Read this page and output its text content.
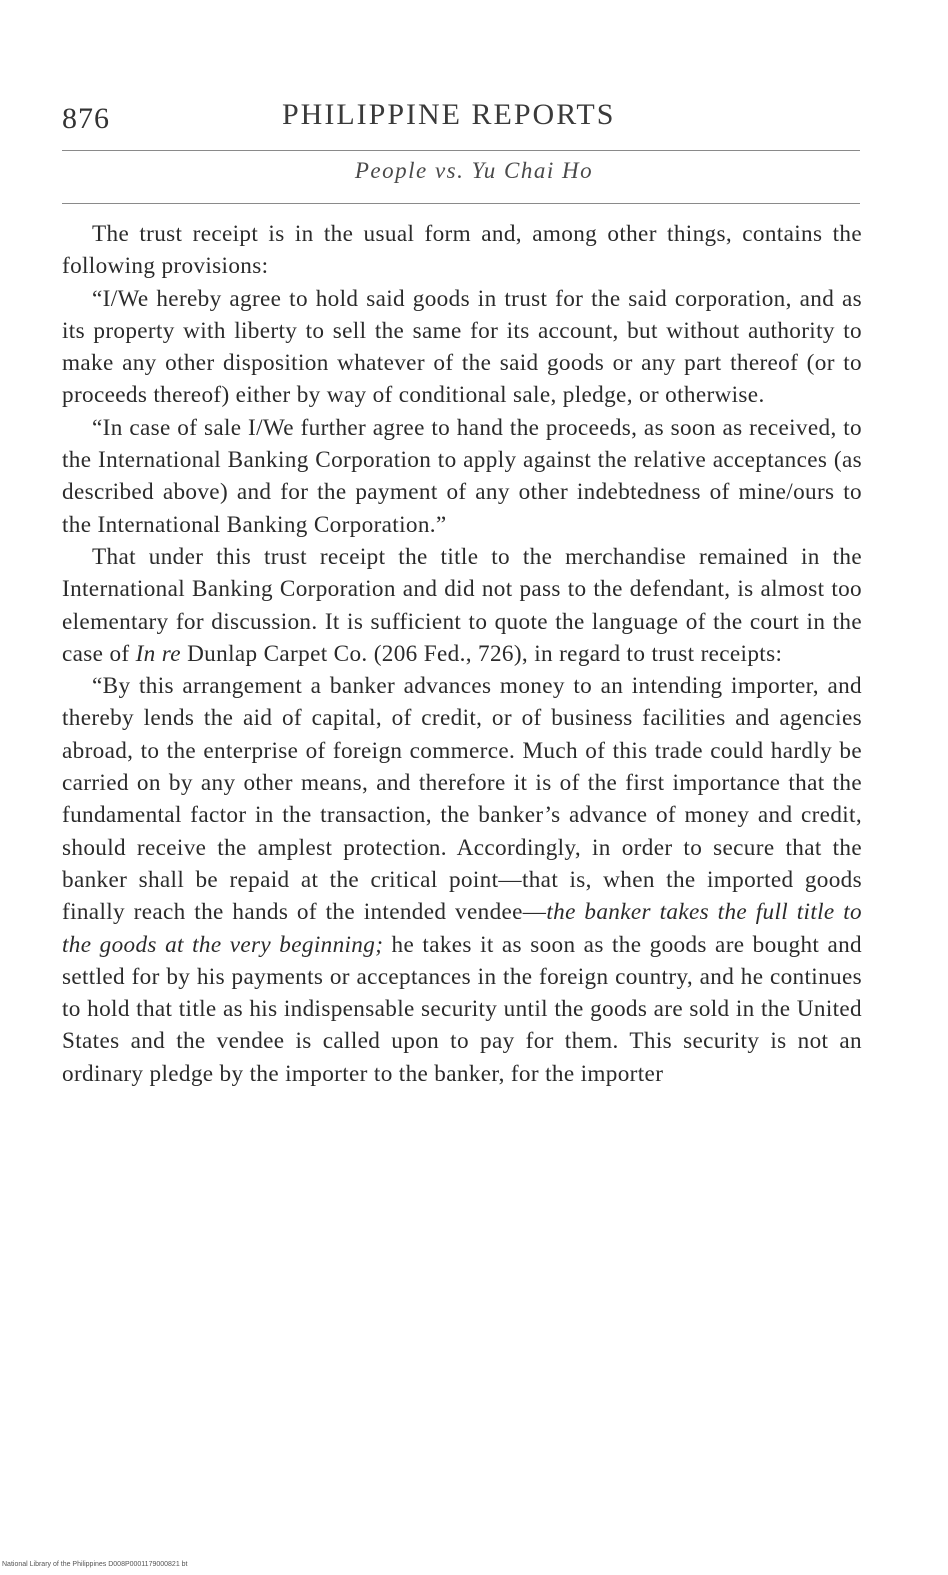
876	PHILIPPINE REPORTS
People vs. Yu Chai Ho

The trust receipt is in the usual form and, among other things, contains the following provisions:

“I/We hereby agree to hold said goods in trust for the said corporation, and as its property with liberty to sell the same for its account, but without authority to make any other disposition whatever of the said goods or any part thereof (or to proceeds thereof) either by way of conditional sale, pledge, or otherwise.

“In case of sale I/We further agree to hand the proceeds, as soon as received, to the International Banking Corporation to apply against the relative acceptances (as described above) and for the payment of any other indebtedness of mine/ours to the International Banking Corporation.”

That under this trust receipt the title to the merchandise remained in the International Banking Corporation and did not pass to the defendant, is almost too elementary for discussion. It is sufficient to quote the language of the court in the case of In re Dunlap Carpet Co. (206 Fed., 726), in regard to trust receipts:

“By this arrangement a banker advances money to an intending importer, and thereby lends the aid of capital, of credit, or of business facilities and agencies abroad, to the enterprise of foreign commerce. Much of this trade could hardly be carried on by any other means, and therefore it is of the first importance that the fundamental factor in the transaction, the banker’s advance of money and credit, should receive the amplest protection. Accordingly, in order to secure that the banker shall be repaid at the critical point—that is, when the imported goods finally reach the hands of the intended vendee—the banker takes the full title to the goods at the very beginning; he takes it as soon as the goods are bought and settled for by his payments or acceptances in the foreign country, and he continues to hold that title as his indispensable security until the goods are sold in the United States and the vendee is called upon to pay for them. This security is not an ordinary pledge by the importer to the banker, for the importer

National Library of the Philippines D008P0001179000821 bt
